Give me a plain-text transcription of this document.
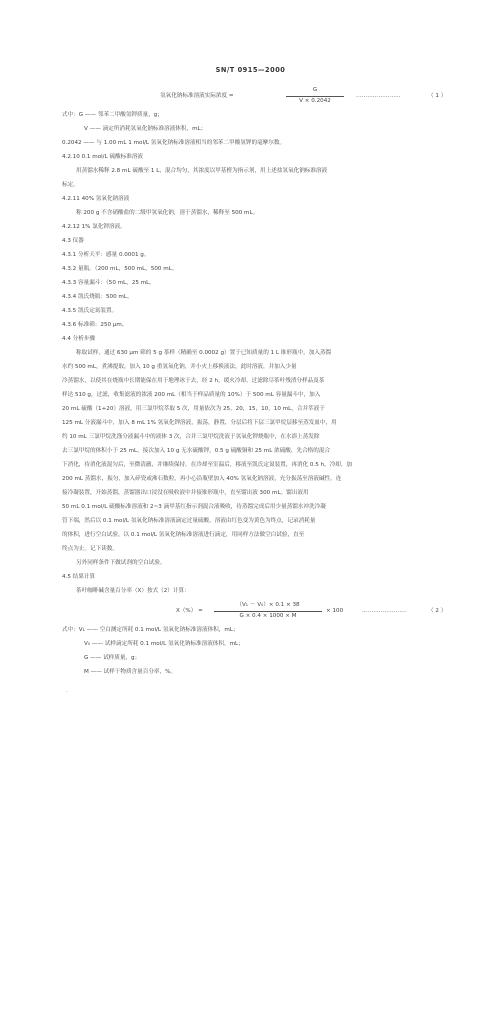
SN/T 0915—2000
氢氧化钠标准溶液实际浓度 =
G
V × 0.2042
……………………	（ 1 ）
式中：G —— 邻苯二甲酸氢钾质量，g；
V —— 滴定所消耗氢氧化钠标准溶液体积，mL；
0.2042 —— 与 1.00 mL 1 mol/L 氢氧化钠标准溶液相当的邻苯二甲酸氢钾的毫摩尔数。
4.2.10 0.1 mol/L 硫酸标准溶液
用蒸馏水稀释 2.8 mL 硫酸至 1 L，混合均匀，其浓度以甲基橙为指示剂，用上述盐氢氧化钠标准溶液
标定。
4.2.11 40% 氢氧化钠溶液
称 200 g 不含硝酸盐的二级甲氢氧化钠，溶于蒸馏水，稀释至 500 mL。
4.2.12 1% 氯化钾溶液。
4.3 仪器
4.3.1 分析天平：感量 0.0001 g。
4.3.2 量瓶。（200 mL，500 mL，500 mL。
4.3.3 容量漏斗：（50 mL，25 mL。
4.3.4 凯氏烧瓶：500 mL。
4.3.5 凯氏定氮装置。
4.3.6 标准筛：250 μm。
4.4 分析步骤
称取试样，通过 630 μm 筛的 5 g 茶样（精确至 0.0002 g）置于已知质量的 1 L 锥形瓶中，加入蒸馏
水约 500 mL，煮沸提取，加入 10 g 重氢氧化钠，并小火上移换液法，此时溶液，并加入少量
冷蒸馏水，以使其在烧瓶中长期能保在用于地理冰于去，经 2 h，缓火冷却，过滤除尽茶叶残渣分样品及茶
样达 510 g，过滤，收集滤液的浓液 200 mL（相当于样品质量的 10%）于 500 mL 容量漏斗中，加入
20 mL 硫酸（1+20）溶液，用三氯甲烷萃取 5 次，用量依次为 25，20，15，10，10 mL，合并萃液于
125 mL 分液漏斗中，加入 8 mL 1% 氢氧化钾溶液，振荡，静置，分层后将下层三氯甲烷层移至蒸发皿中，用
约 10 mL 三氯甲烷洗涤分液漏斗中的液体 3 次，合并三氯甲烷洗液于氢氧化钾烧瓶中，在水浴上蒸发除
去三氯甲烷的体积小于 25 mL。接次加入 10 g 无水硫酸钾，0.5 g 硫酸铜和 25 mL 浓硫酸，先合格的混合
下消化，待消化液混匀后，至微清澈，并继续保持。在冷却至室温后，移液至凯氏定氮装置，再消化 0.5 h，冷却，加
200 mL 蒸馏水，振匀，加入碎瓷或沸石数粒，再小心沿瓶壁加入 40% 氢氧化钠溶液，充分振荡至溶液碱性，连
接冷凝装置，开始蒸馏，蒸馏器出口浸没在吸收液中并接锥形瓶中，直至馏出液 300 mL。馏出液用
50 mL 0.1 mol/L 硫酸标准溶液和 2~3 滴甲基红指示剂混合液吸收，待蒸馏完成后用少量蒸馏水冲洗冷凝
管下端，然后以 0.1 mol/L 氢氧化钠标准溶液滴定过量硫酸，溶液由红色变为黄色为终点，记录消耗量
的体积，进行空白试验，以 0.1 mol/L 氢氧化钠标准溶液进行滴定，用同样方法做空白试验，直至
终点为止。记下读数。
另外同样条件下做试剂的空白试验。
4.5 结果计算
茶叶咖啡碱含量百分率（X）按式（2）计算：
X（%） =
（V₁ － V₀）× 0.1 × 38
G × 0.4 × 1000 × M
× 100	……………………	（ 2 ）
式中：V₁ —— 空白测定所耗 0.1 mol/L 氢氧化钠标准溶液体积，mL；
V₀ —— 试样滴定所耗 0.1 mol/L 氢氧化钠标准溶液体积，mL；
G —— 试样质量，g；
M —— 试样干物质含量百分率，%。
·
